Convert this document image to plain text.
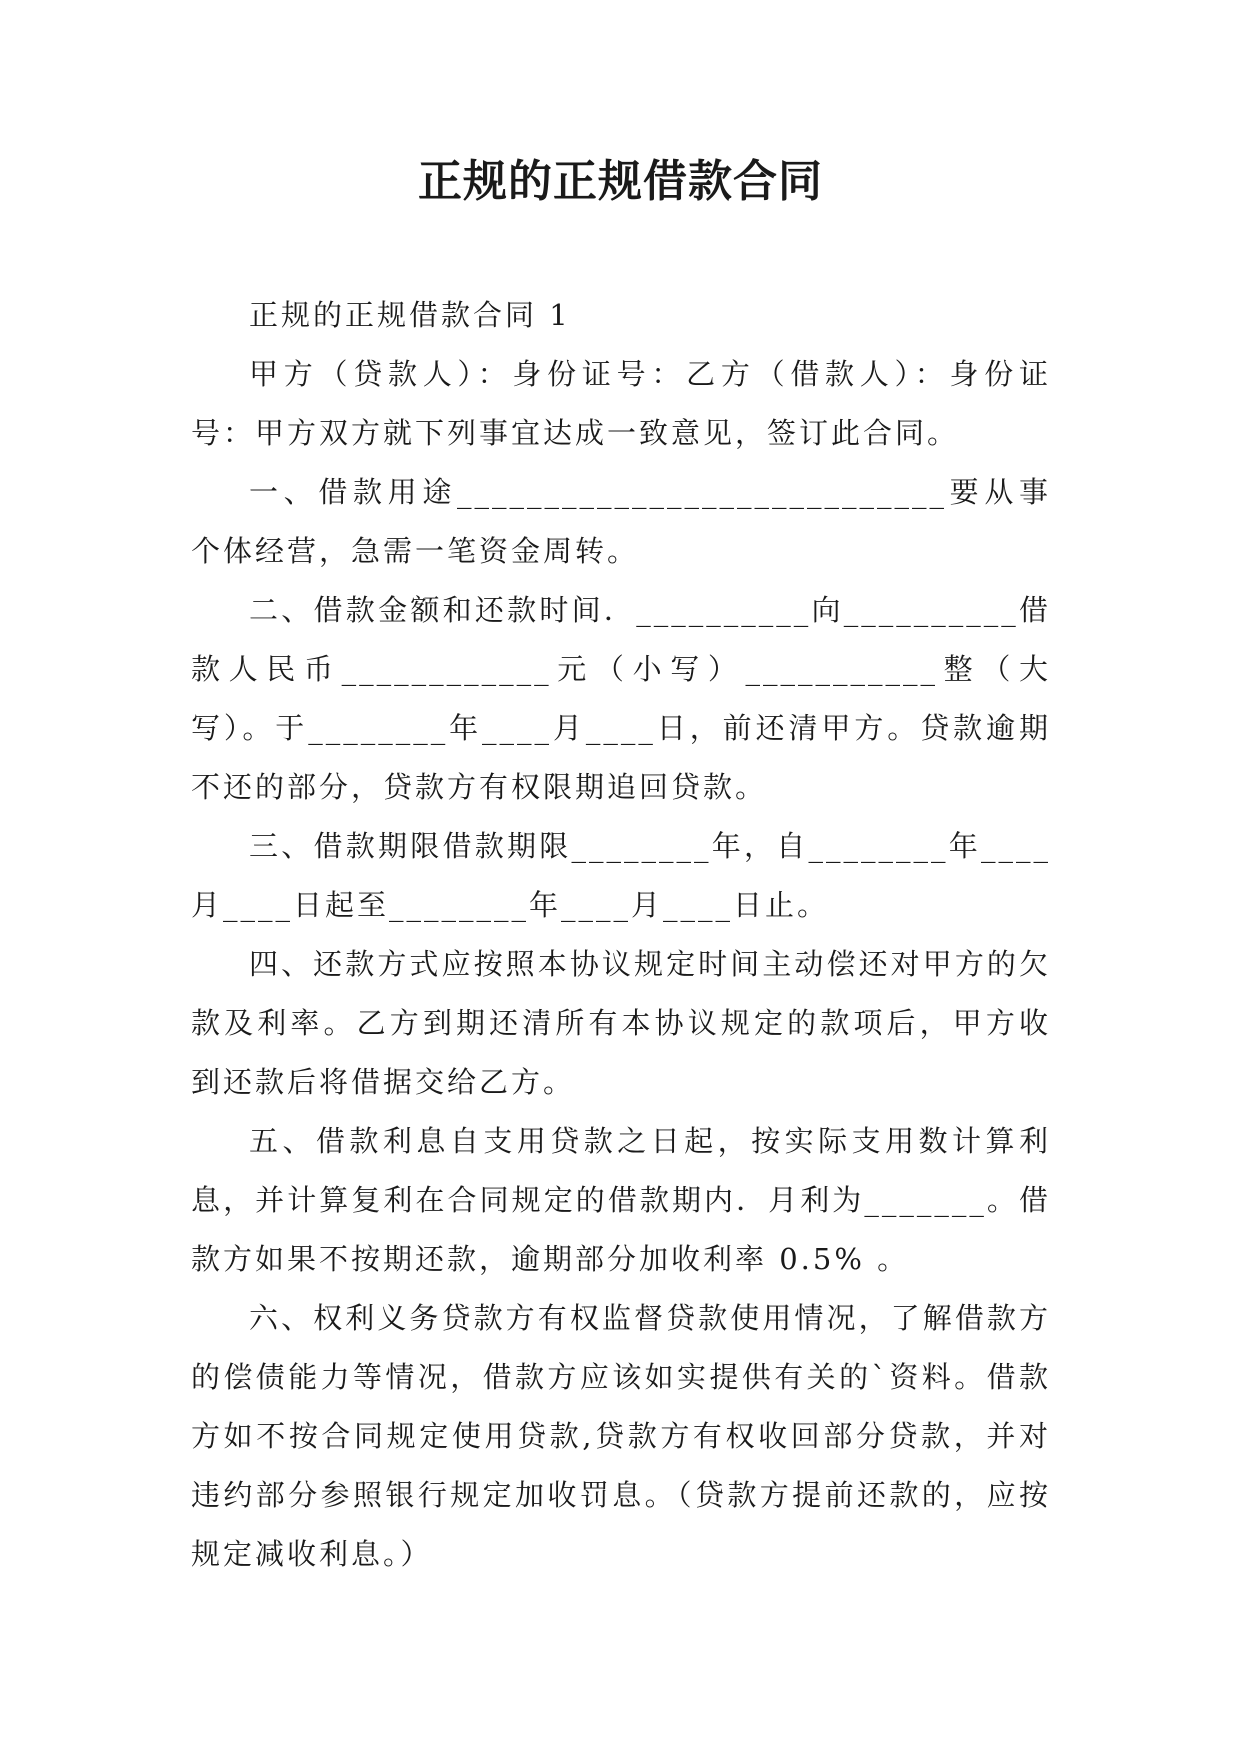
正规的正规借款合同

正规的正规借款合同 1

甲方（贷款人）：身份证号：乙方（借款人）：身份证号：甲方双方就下列事宜达成一致意见，签订此合同。

一、借款用途____________________________要从事个体经营，急需一笔资金周转。

二、借款金额和还款时间．__________向__________借款人民币____________元（小写）___________整（大写）。于________年____月____日，前还清甲方。贷款逾期不还的部分，贷款方有权限期追回贷款。

三、借款期限借款期限________年，自________年____月____日起至________年____月____日止。

四、还款方式应按照本协议规定时间主动偿还对甲方的欠款及利率。乙方到期还清所有本协议规定的款项后，甲方收到还款后将借据交给乙方。

五、借款利息自支用贷款之日起，按实际支用数计算利息，并计算复利在合同规定的借款期内．月利为_______。借款方如果不按期还款，逾期部分加收利率 0.5% 。

六、权利义务贷款方有权监督贷款使用情况，了解借款方的偿债能力等情况，借款方应该如实提供有关的`资料。借款方如不按合同规定使用贷款,贷款方有权收回部分贷款，并对违约部分参照银行规定加收罚息。（贷款方提前还款的，应按规定减收利息。）
